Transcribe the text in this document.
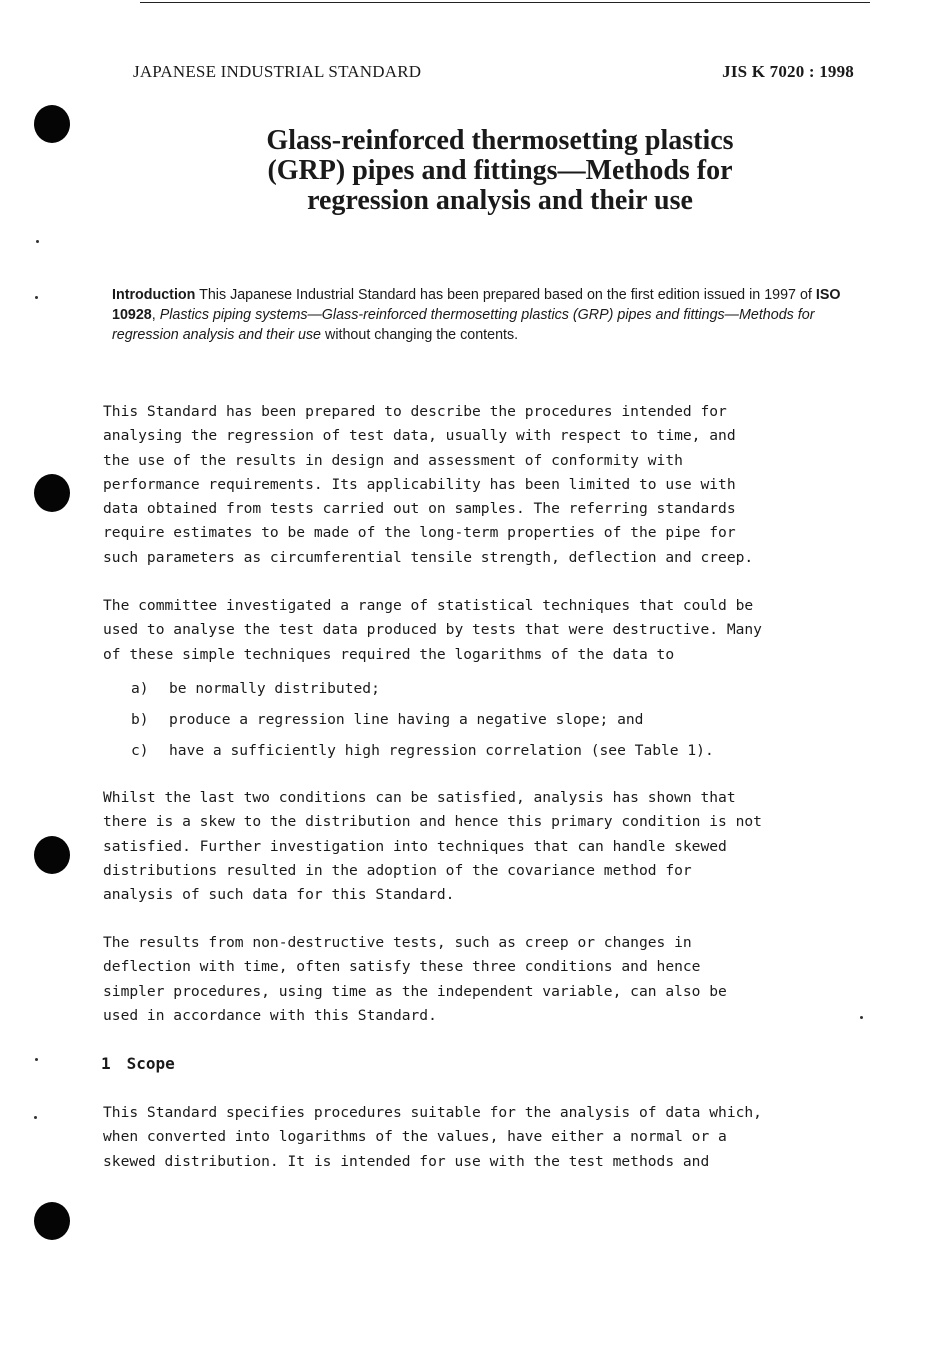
JAPANESE INDUSTRIAL STANDARD	JIS K 7020 : 1998
Glass-reinforced thermosetting plastics
(GRP) pipes and fittings—Methods for
regression analysis and their use
Introduction This Japanese Industrial Standard has been prepared based on the first edition issued in 1997 of ISO 10928, Plastics piping systems—Glass-reinforced thermosetting plastics (GRP) pipes and fittings—Methods for regression analysis and their use without changing the contents.

This Standard has been prepared to describe the procedures intended for
analysing the regression of test data, usually with respect to time, and
the use of the results in design and assessment of conformity with
performance requirements. Its applicability has been limited to use with
data obtained from tests carried out on samples. The referring standards
require estimates to be made of the long-term properties of the pipe for
such parameters as circumferential tensile strength, deflection and creep.

The committee investigated a range of statistical techniques that could be
used to analyse the test data produced by tests that were destructive. Many
of these simple techniques required the logarithms of the data to

a) be normally distributed;
b) produce a regression line having a negative slope; and
c) have a sufficiently high regression correlation (see Table 1).

Whilst the last two conditions can be satisfied, analysis has shown that
there is a skew to the distribution and hence this primary condition is not
satisfied. Further investigation into techniques that can handle skewed
distributions resulted in the adoption of the covariance method for
analysis of such data for this Standard.

The results from non-destructive tests, such as creep or changes in
deflection with time, often satisfy these three conditions and hence
simpler procedures, using time as the independent variable, can also be
used in accordance with this Standard.

1 Scope

This Standard specifies procedures suitable for the analysis of data which,
when converted into logarithms of the values, have either a normal or a
skewed distribution. It is intended for use with the test methods and
